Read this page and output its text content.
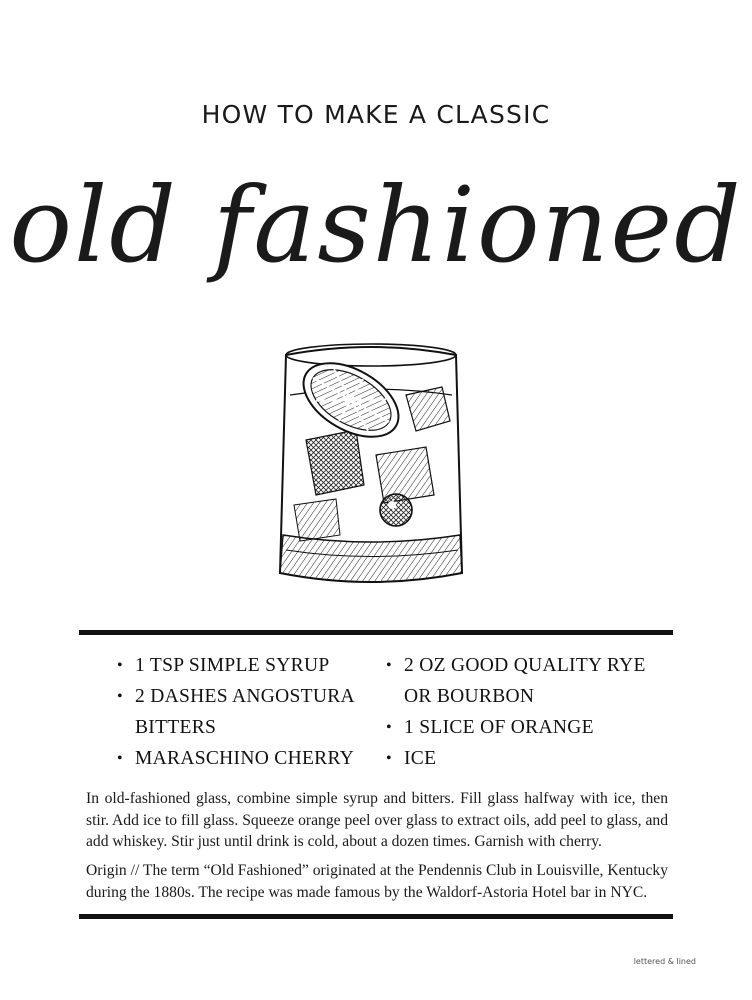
HOW TO MAKE A CLASSIC
old fashioned
• 1 TSP SIMPLE SYRUP
• 2 DASHES ANGOSTURA BITTERS
• MARASCHINO CHERRY
• 2 OZ GOOD QUALITY RYE OR BOURBON
• 1 SLICE OF ORANGE
• ICE

In old-fashioned glass, combine simple syrup and bitters. Fill glass halfway with ice, then stir. Add ice to fill glass. Squeeze orange peel over glass to extract oils, add peel to glass, and add whiskey. Stir just until drink is cold, about a dozen times. Garnish with cherry.

Origin // The term “Old Fashioned” originated at the Pendennis Club in Louisville, Kentucky during the 1880s. The recipe was made famous by the Waldorf-Astoria Hotel bar in NYC.

lettered & lined
